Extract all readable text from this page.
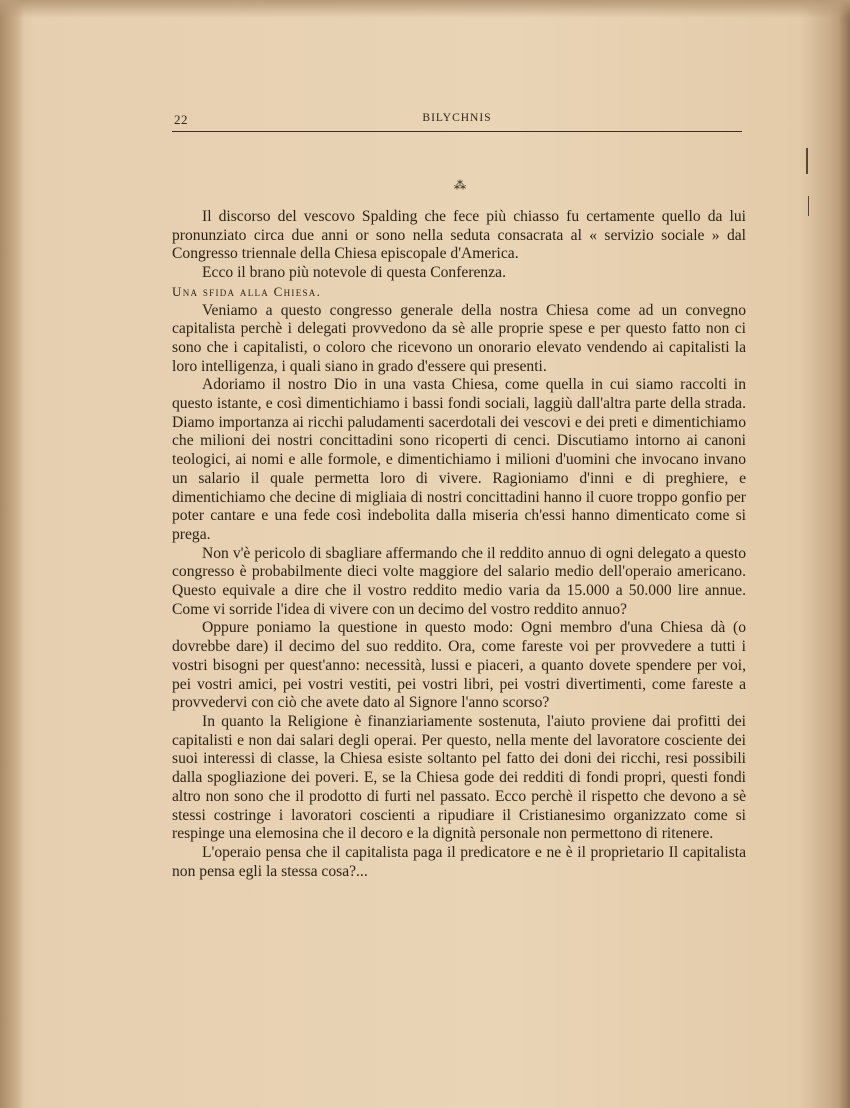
22	BILYCHNIS
⁂

Il discorso del vescovo Spalding che fece più chiasso fu certamente quello da lui pronunziato circa due anni or sono nella seduta consacrata al « servizio sociale » dal Congresso triennale della Chiesa episcopale d'America.

Ecco il brano più notevole di questa Conferenza.

Una sfida alla Chiesa.

Veniamo a questo congresso generale della nostra Chiesa come ad un convegno capitalista perchè i delegati provvedono da sè alle proprie spese e per questo fatto non ci sono che i capitalisti, o coloro che ricevono un onorario elevato vendendo ai capitalisti la loro intelligenza, i quali siano in grado d'essere qui presenti.

Adoriamo il nostro Dio in una vasta Chiesa, come quella in cui siamo raccolti in questo istante, e così dimentichiamo i bassi fondi sociali, laggiù dall'altra parte della strada. Diamo importanza ai ricchi paludamenti sacerdotali dei vescovi e dei preti e dimentichiamo che milioni dei nostri concittadini sono ricoperti di cenci. Discutiamo intorno ai canoni teologici, ai nomi e alle formole, e dimentichiamo i milioni d'uomini che invocano invano un salario il quale permetta loro di vivere. Ragioniamo d'inni e di preghiere, e dimentichiamo che decine di migliaia di nostri concittadini hanno il cuore troppo gonfio per poter cantare e una fede così indebolita dalla miseria ch'essi hanno dimenticato come si prega.

Non v'è pericolo di sbagliare affermando che il reddito annuo di ogni delegato a questo congresso è probabilmente dieci volte maggiore del salario medio dell'operaio americano. Questo equivale a dire che il vostro reddito medio varia da 15.000 a 50.000 lire annue. Come vi sorride l'idea di vivere con un decimo del vostro reddito annuo?

Oppure poniamo la questione in questo modo: Ogni membro d'una Chiesa dà (o dovrebbe dare) il decimo del suo reddito. Ora, come fareste voi per provvedere a tutti i vostri bisogni per quest'anno: necessità, lussi e piaceri, a quanto dovete spendere per voi, pei vostri amici, pei vostri vestiti, pei vostri libri, pei vostri divertimenti, come fareste a provvedervi con ciò che avete dato al Signore l'anno scorso?

In quanto la Religione è finanziariamente sostenuta, l'aiuto proviene dai profitti dei capitalisti e non dai salari degli operai. Per questo, nella mente del lavoratore cosciente dei suoi interessi di classe, la Chiesa esiste soltanto pel fatto dei doni dei ricchi, resi possibili dalla spogliazione dei poveri. E, se la Chiesa gode dei redditi di fondi propri, questi fondi altro non sono che il prodotto di furti nel passato. Ecco perchè il rispetto che devono a sè stessi costringe i lavoratori coscienti a ripudiare il Cristianesimo organizzato come si respinge una elemosina che il decoro e la dignità personale non permettono di ritenere.

L'operaio pensa che il capitalista paga il predicatore e ne è il proprietario Il capitalista non pensa egli la stessa cosa?...
